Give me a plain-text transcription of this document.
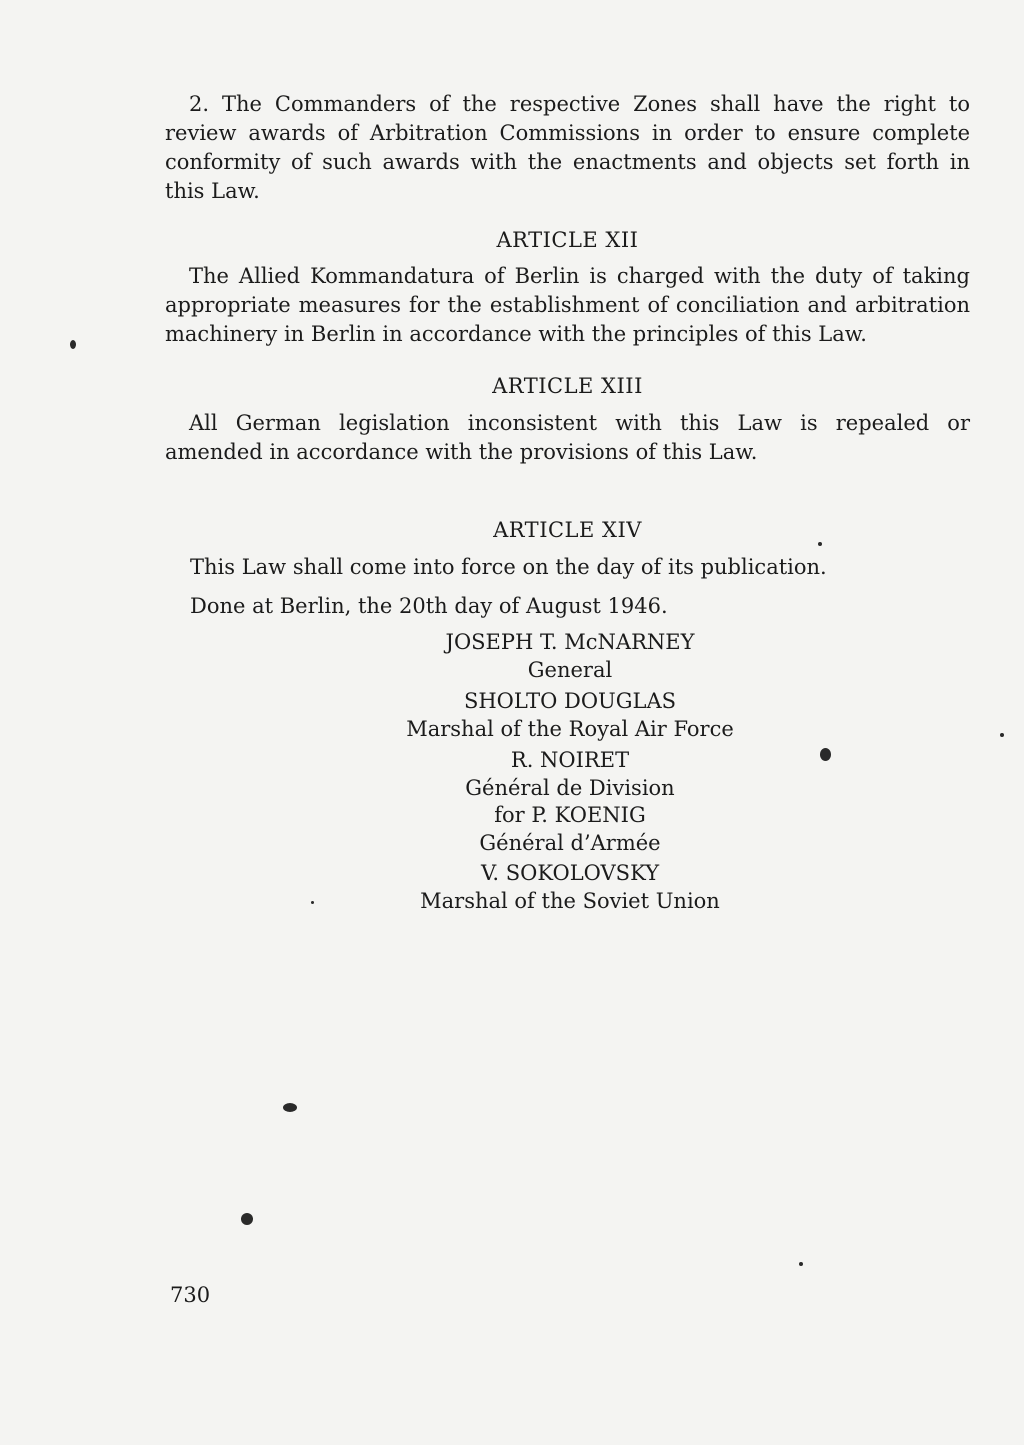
2. The Commanders of the respective Zones shall have the right to review awards of Arbitration Commissions in order to ensure complete conformity of such awards with the enactments and objects set forth in this Law.

ARTICLE XII

The Allied Kommandatura of Berlin is charged with the duty of taking appropriate measures for the establishment of conciliation and arbitration machinery in Berlin in accordance with the principles of this Law.

ARTICLE XIII

All German legislation inconsistent with this Law is repealed or amended in accordance with the provisions of this Law.

ARTICLE XIV

This Law shall come into force on the day of its publication.

Done at Berlin, the 20th day of August 1946.

JOSEPH T. McNARNEY

General

SHOLTO DOUGLAS

Marshal of the Royal Air Force

R. NOIRET

Général de Division

for P. KOENIG

Général d’Armée

V. SOKOLOVSKY

Marshal of the Soviet Union

730
